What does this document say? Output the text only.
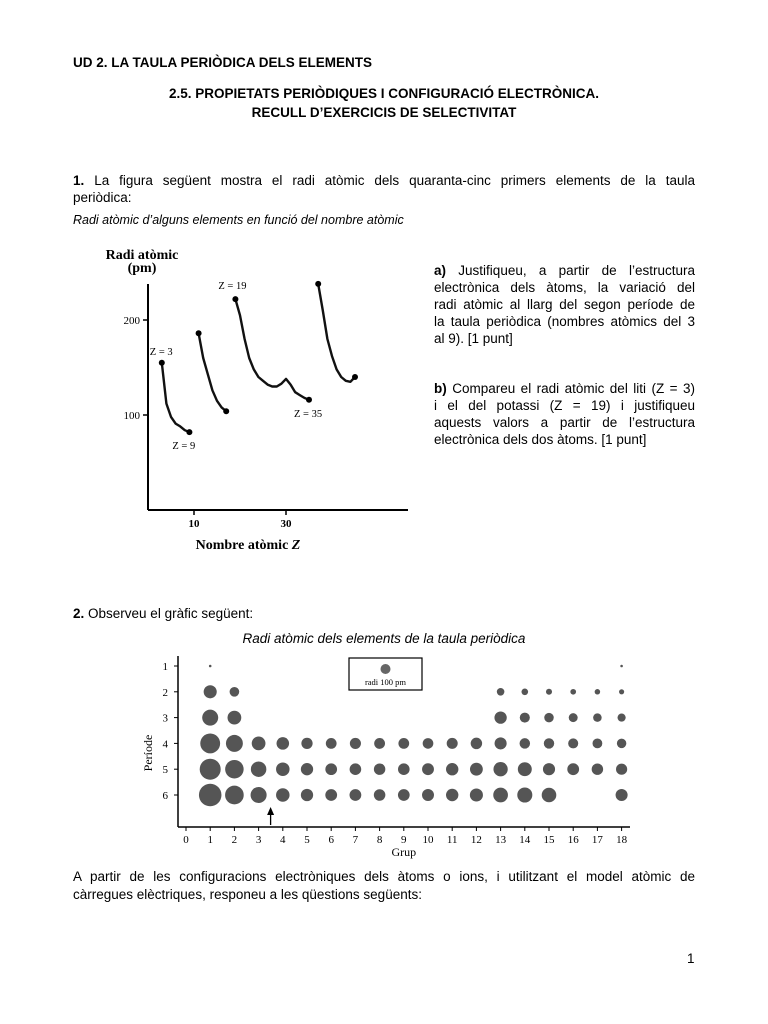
UD 2. LA TAULA PERIÒDICA DELS ELEMENTS
2.5. PROPIETATS PERIÒDIQUES I CONFIGURACIÓ ELECTRÒNICA.
RECULL D’EXERCICIS DE SELECTIVITAT
1. La figura següent mostra el radi atòmic dels quaranta-cinc primers elements de la taula
periòdica:
Radi atòmic d’alguns elements en funció del nombre atòmic
100
200
10	30
Radi atòmic
(pm)
Nombre atòmic Z
Z = 3
Z = 9
Z = 19
Z = 35
a) Justifiqueu, a partir de l’estructura
electrònica dels àtoms, la variació del
radi atòmic al llarg del segon període de
la taula periòdica (nombres atòmics del 3
al 9). [1 punt]
b) Compareu el radi atòmic del liti (Z = 3)
i el del potassi (Z = 19) i justifiqueu
aquests valors a partir de l’estructura
electrònica dels dos àtoms. [1 punt]
2. Observeu el gràfic següent:
Radi atòmic dels elements de la taula periòdica
1
2
3
4
5
6
0 1 2 3 4 5 6 7 8 9 10 11 12 13 14 15 16 17 18
Grup
Període
radi 100 pm
A partir de les configuracions electròniques dels àtoms o ions, i utilitzant el model atòmic de
càrregues elèctriques, responeu a les qüestions següents:
1
